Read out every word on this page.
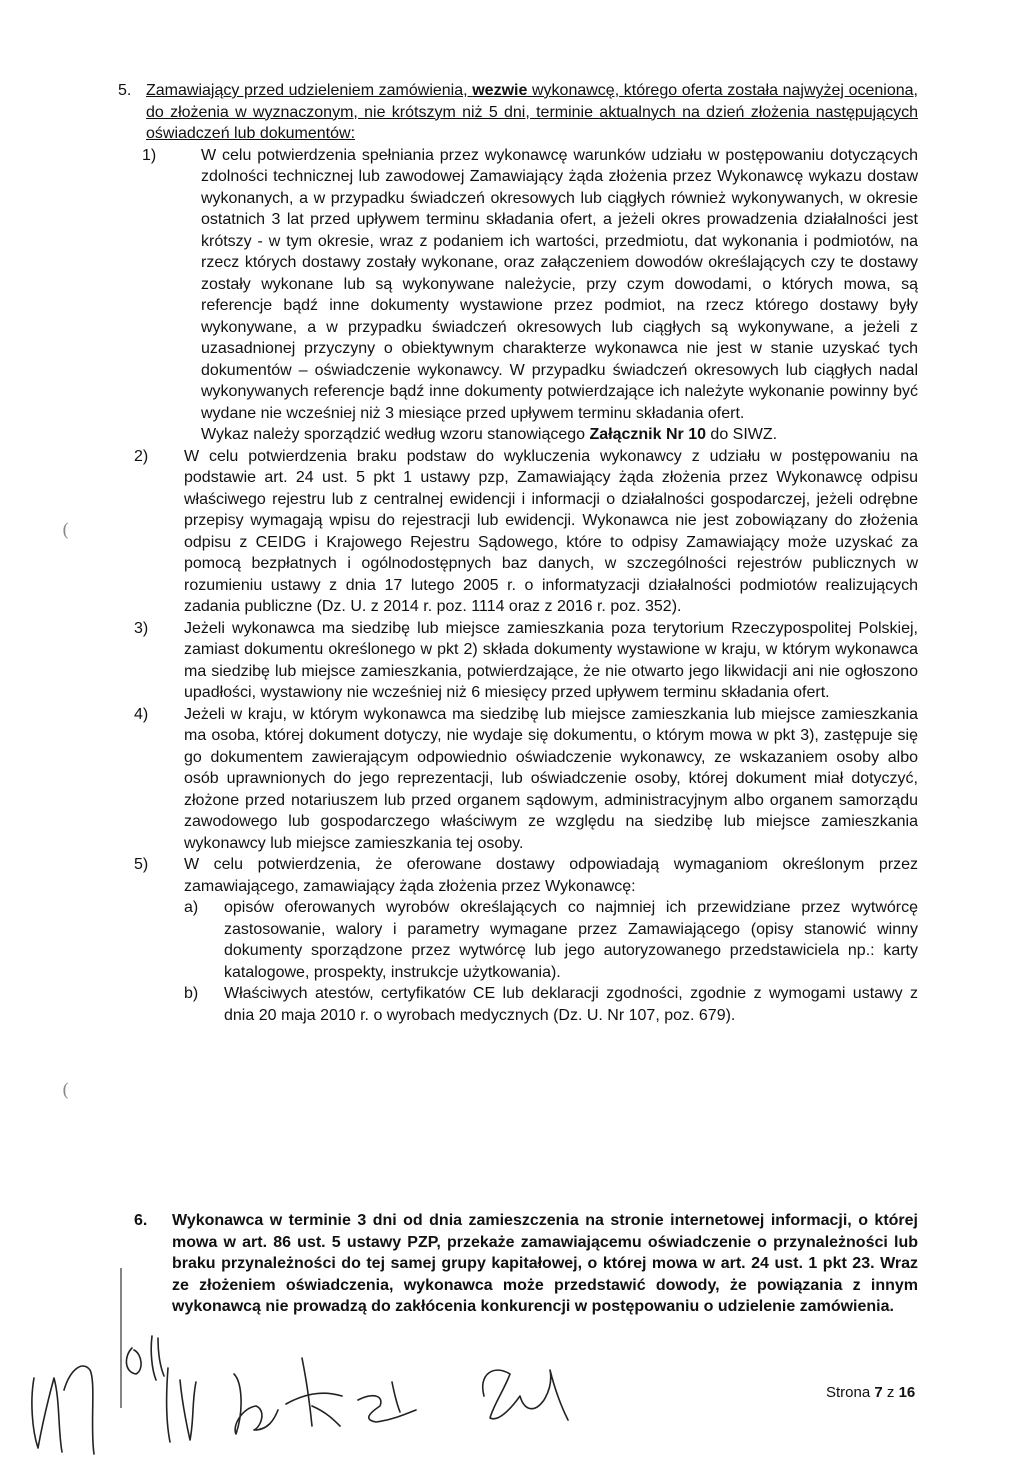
5. Zamawiający przed udzieleniem zamówienia, wezwie wykonawcę, którego oferta została najwyżej oceniona, do złożenia w wyznaczonym, nie krótszym niż 5 dni, terminie aktualnych na dzień złożenia następujących oświadczeń lub dokumentów:
1)	W celu potwierdzenia spełniania przez wykonawcę warunków udziału w postępowaniu dotyczących zdolności technicznej lub zawodowej Zamawiający żąda złożenia przez Wykonawcę wykazu dostaw wykonanych, a w przypadku świadczeń okresowych lub ciągłych również wykonywanych, w okresie ostatnich 3 lat przed upływem terminu składania ofert, a jeżeli okres prowadzenia działalności jest krótszy - w tym okresie, wraz z podaniem ich wartości, przedmiotu, dat wykonania i podmiotów, na rzecz których dostawy zostały wykonane, oraz załączeniem dowodów określających czy te dostawy zostały wykonane lub są wykonywane należycie, przy czym dowodami, o których mowa, są referencje bądź inne dokumenty wystawione przez podmiot, na rzecz którego dostawy były wykonywane, a w przypadku świadczeń okresowych lub ciągłych są wykonywane, a jeżeli z uzasadnionej przyczyny o obiektywnym charakterze wykonawca nie jest w stanie uzyskać tych dokumentów – oświadczenie wykonawcy. W przypadku świadczeń okresowych lub ciągłych nadal wykonywanych referencje bądź inne dokumenty potwierdzające ich należyte wykonanie powinny być wydane nie wcześniej niż 3 miesiące przed upływem terminu składania ofert.
Wykaz należy sporządzić według wzoru stanowiącego Załącznik Nr 10 do SIWZ.
2) W celu potwierdzenia braku podstaw do wykluczenia wykonawcy z udziału w postępowaniu na podstawie art. 24 ust. 5 pkt 1 ustawy pzp, Zamawiający żąda złożenia przez Wykonawcę odpisu właściwego rejestru lub z centralnej ewidencji i informacji o działalności gospodarczej, jeżeli odrębne przepisy wymagają wpisu do rejestracji lub ewidencji. Wykonawca nie jest zobowiązany do złożenia odpisu z CEIDG i Krajowego Rejestru Sądowego, które to odpisy Zamawiający może uzyskać za pomocą bezpłatnych i ogólnodostępnych baz danych, w szczególności rejestrów publicznych w rozumieniu ustawy z dnia 17 lutego 2005 r. o informatyzacji działalności podmiotów realizujących zadania publiczne (Dz. U. z 2014 r. poz. 1114 oraz z 2016 r. poz. 352).
3) Jeżeli wykonawca ma siedzibę lub miejsce zamieszkania poza terytorium Rzeczypospolitej Polskiej, zamiast dokumentu określonego w pkt 2) składa dokumenty wystawione w kraju, w którym wykonawca ma siedzibę lub miejsce zamieszkania, potwierdzające, że nie otwarto jego likwidacji ani nie ogłoszono upadłości, wystawiony nie wcześniej niż 6 miesięcy przed upływem terminu składania ofert.
4) Jeżeli w kraju, w którym wykonawca ma siedzibę lub miejsce zamieszkania lub miejsce zamieszkania ma osoba, której dokument dotyczy, nie wydaje się dokumentu, o którym mowa w pkt 3), zastępuje się go dokumentem zawierającym odpowiednio oświadczenie wykonawcy, ze wskazaniem osoby albo osób uprawnionych do jego reprezentacji, lub oświadczenie osoby, której dokument miał dotyczyć, złożone przed notariuszem lub przed organem sądowym, administracyjnym albo organem samorządu zawodowego lub gospodarczego właściwym ze względu na siedzibę lub miejsce zamieszkania wykonawcy lub miejsce zamieszkania tej osoby.
5) W celu potwierdzenia, że oferowane dostawy odpowiadają wymaganiom określonym przez zamawiającego, zamawiający żąda złożenia przez Wykonawcę:
a) opisów oferowanych wyrobów określających co najmniej ich przewidziane przez wytwórcę zastosowanie, walory i parametry wymagane przez Zamawiającego (opisy stanowić winny dokumenty sporządzone przez wytwórcę lub jego autoryzowanego przedstawiciela np.: karty katalogowe, prospekty, instrukcje użytkowania).
b) Właściwych atestów, certyfikatów CE lub deklaracji zgodności, zgodnie z wymogami ustawy z dnia 20 maja 2010 r. o wyrobach medycznych (Dz. U. Nr 107, poz. 679).
6. Wykonawca w terminie 3 dni od dnia zamieszczenia na stronie internetowej informacji, o której mowa w art. 86 ust. 5 ustawy PZP, przekaże zamawiającemu oświadczenie o przynależności lub braku przynależności do tej samej grupy kapitałowej, o której mowa w art. 24 ust. 1 pkt 23. Wraz ze złożeniem oświadczenia, wykonawca może przedstawić dowody, że powiązania z innym wykonawcą nie prowadzą do zakłócenia konkurencji w postępowaniu o udzielenie zamówienia.
(
(
Strona 7 z 16
